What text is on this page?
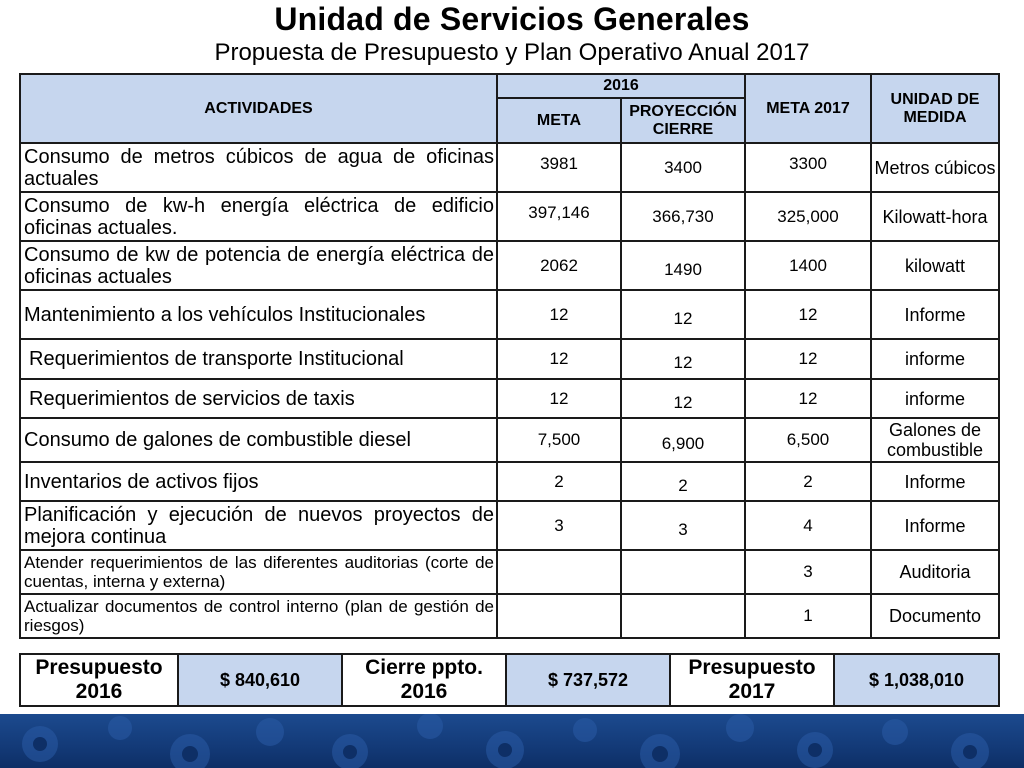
Unidad de Servicios Generales
Propuesta de Presupuesto y Plan Operativo Anual 2017
ACTIVIDADES	2016		META 2017	UNIDAD DE MEDIDA
	META	PROYECCIÓN CIERRE		
Consumo de metros cúbicos de agua de oficinas actuales	3981	3400	3300	Metros cúbicos
Consumo de kw-h energía eléctrica de edificio oficinas actuales.	397,146	366,730	325,000	Kilowatt-hora
Consumo de kw de potencia de energía eléctrica de oficinas actuales	2062	1490	1400	kilowatt
Mantenimiento a los vehículos Institucionales	12	12	12	Informe
Requerimientos de transporte Institucional	12	12	12	informe
Requerimientos de servicios de taxis	12	12	12	informe
Consumo de galones de combustible diesel	7,500	6,900	6,500	Galones de combustible
Inventarios de activos fijos	2	2	2	Informe
Planificación y ejecución de nuevos proyectos de mejora continua	3	3	4	Informe
Atender requerimientos de las diferentes auditorias (corte de cuentas, interna y externa)			3	Auditoria
Actualizar documentos de control interno (plan de gestión de riesgos)			1	Documento
Presupuesto 2016	$ 840,610	Cierre ppto. 2016	$ 737,572	Presupuesto 2017	$ 1,038,010
